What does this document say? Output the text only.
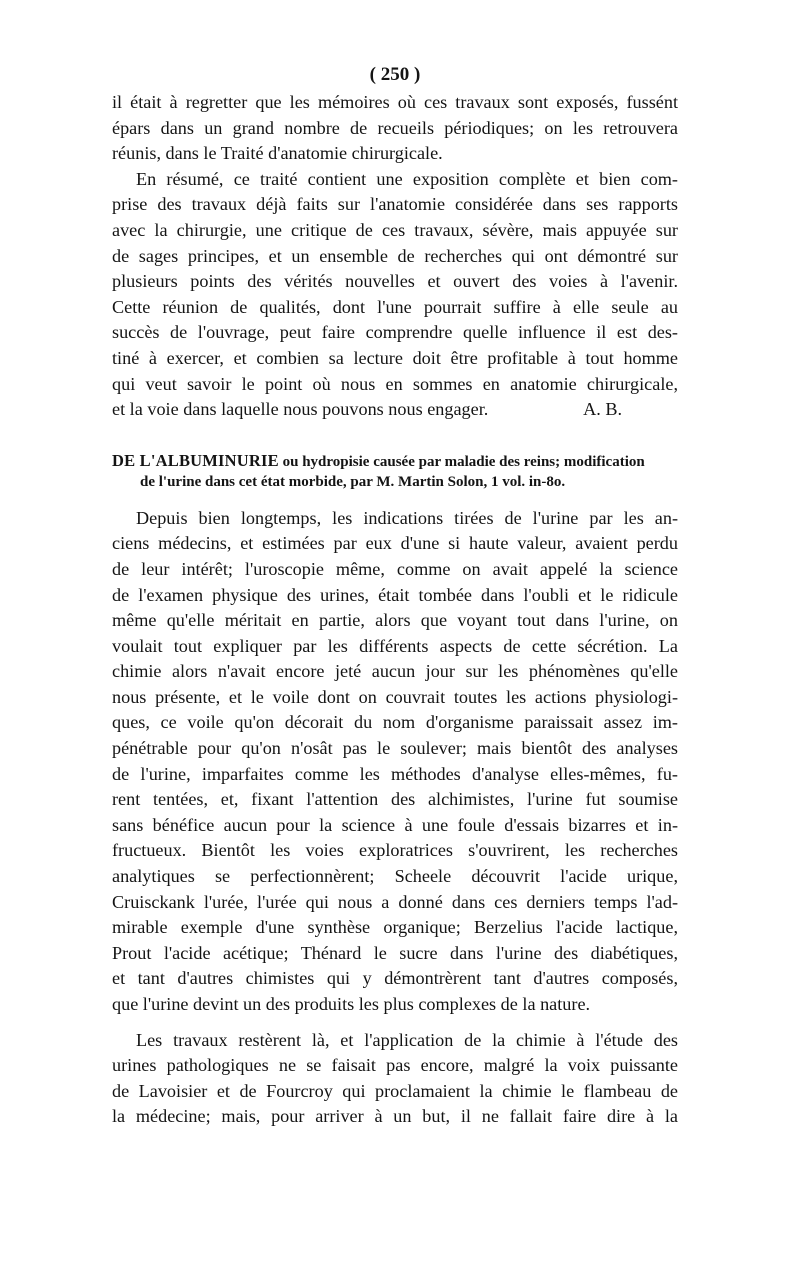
( 250 )

il était à regretter que les mémoires où ces travaux sont exposés, fussént
épars dans un grand nombre de recueils périodiques; on les retrouvera
réunis, dans le Traité d'anatomie chirurgicale.

En résumé, ce traité contient une exposition complète et bien com-
prise des travaux déjà faits sur l'anatomie considérée dans ses rapports
avec la chirurgie, une critique de ces travaux, sévère, mais appuyée sur
de sages principes, et un ensemble de recherches qui ont démontré sur
plusieurs points des vérités nouvelles et ouvert des voies à l'avenir.
Cette réunion de qualités, dont l'une pourrait suffire à elle seule au
succès de l'ouvrage, peut faire comprendre quelle influence il est des-
tiné à exercer, et combien sa lecture doit être profitable à tout homme
qui veut savoir le point où nous en sommes en anatomie chirurgicale,
et la voie dans laquelle nous pouvons nous engager.	A. B.

DE L'ALBUMINURIE ou hydropisie causée par maladie des reins; modification
de l'urine dans cet état morbide, par M. Martin Solon, 1 vol. in-8o.

Depuis bien longtemps, les indications tirées de l'urine par les an-
ciens médecins, et estimées par eux d'une si haute valeur, avaient perdu
de leur intérêt; l'uroscopie même, comme on avait appelé la science
de l'examen physique des urines, était tombée dans l'oubli et le ridicule
même qu'elle méritait en partie, alors que voyant tout dans l'urine, on
voulait tout expliquer par les différents aspects de cette sécrétion. La
chimie alors n'avait encore jeté aucun jour sur les phénomènes qu'elle
nous présente, et le voile dont on couvrait toutes les actions physiologi-
ques, ce voile qu'on décorait du nom d'organisme paraissait assez im-
pénétrable pour qu'on n'osât pas le soulever; mais bientôt des analyses
de l'urine, imparfaites comme les méthodes d'analyse elles-mêmes, fu-
rent tentées, et, fixant l'attention des alchimistes, l'urine fut soumise
sans bénéfice aucun pour la science à une foule d'essais bizarres et in-
fructueux. Bientôt les voies exploratrices s'ouvrirent, les recherches
analytiques se perfectionnèrent; Scheele découvrit l'acide urique,
Cruisckank l'urée, l'urée qui nous a donné dans ces derniers temps l'ad-
mirable exemple d'une synthèse organique; Berzelius l'acide lactique,
Prout l'acide acétique; Thénard le sucre dans l'urine des diabétiques,
et tant d'autres chimistes qui y démontrèrent tant d'autres composés,
que l'urine devint un des produits les plus complexes de la nature.

Les travaux restèrent là, et l'application de la chimie à l'étude des
urines pathologiques ne se faisait pas encore, malgré la voix puissante
de Lavoisier et de Fourcroy qui proclamaient la chimie le flambeau de
la médecine; mais, pour arriver à un but, il ne fallait faire dire à la
